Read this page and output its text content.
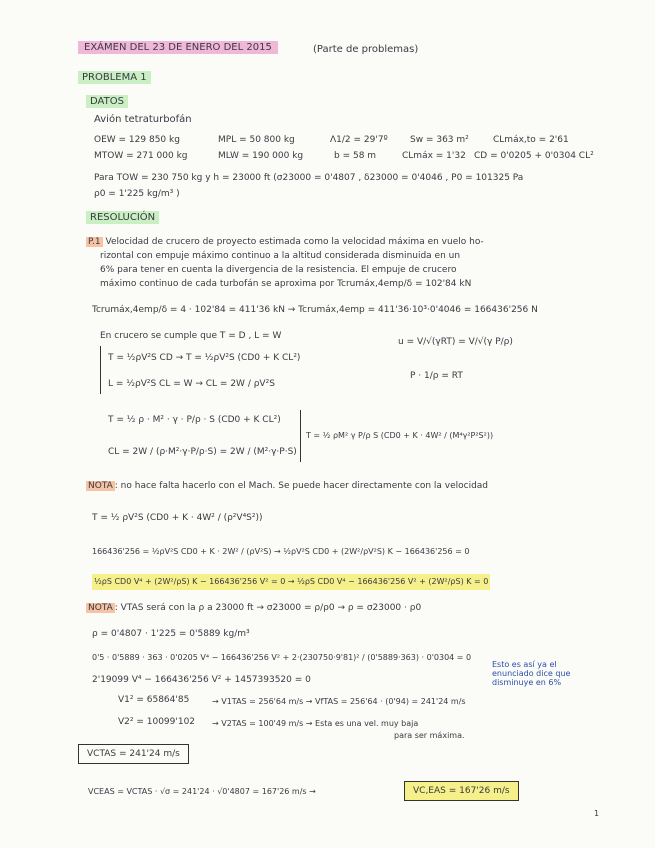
EXÁMEN DEL 23 DE ENERO DEL 2015	(Parte de problemas)
PROBLEMA 1
DATOS
Avión tetraturbofán
OEW = 129 850 kg	MPL = 50 800 kg	Λ1/2 = 29'7º Sw = 363 m²	CLmáx,to = 2'61
MTOW = 271 000 kg	MLW = 190 000 kg	b = 58 m	CLmáx = 1'32 CD = 0'0205 + 0'0304 CL²
Para TOW = 230 750 kg y h = 23000 ft (σ23000 = 0'4807 , δ23000 = 0'4046 , P0 = 101325 Pa
ρ0 = 1'225 kg/m³ )
RESOLUCIÓN
P.1 Velocidad de crucero de proyecto estimada como la velocidad máxima en vuelo ho-
rizontal con empuje máximo continuo a la altitud considerada disminuida en un
6% para tener en cuenta la divergencia de la resistencia. El empuje de crucero
máximo continuo de cada turbofán se aproxima por Tcrumáx,4emp/δ = 102'84 kN
Tcrumáx,4emp/δ = 4 · 102'84 = 411'36 kN → Tcrumáx,4emp = 411'36·10³·0'4046 = 166436'256 N
En crucero se cumple que T = D , L = W
T = ½ρV²S CD → T = ½ρV²S (CD0 + K CL²)
L = ½ρV²S CL = W → CL = 2W / ρV²S
u = V/√(γRT) = V/√(γ P/ρ)
P · 1/ρ = RT
T = ½ ρ · M² · γ · P/ρ · S (CD0 + K CL²)
CL = 2W / (ρ·M²·γ·P/ρ·S) = 2W / (M²·γ·P·S)
T = ½ ρM² γ P/ρ S (CD0 + K · 4W² / (M⁴γ²P²S²))
NOTA : no hace falta hacerlo con el Mach. Se puede hacer directamente con la velocidad
T = ½ ρV²S (CD0 + K · 4W² / (ρ²V⁴S²))
166436'256 = ½ρV²S CD0 + K · 2W² / (ρV²S) → ½ρV²S CD0 + (2W²/ρV²S) K − 166436'256 = 0
½ρS CD0 V⁴ + (2W²/ρS) K − 166436'256 V² = 0 → ½ρS CD0 V⁴ − 166436'256 V² + (2W²/ρS) K = 0
NOTA : VTAS será con la ρ a 23000 ft → σ23000 = ρ/ρ0 → ρ = σ23000 · ρ0
ρ = 0'4807 · 1'225 = 0'5889 kg/m³
0'5 · 0'5889 · 363 · 0'0205 V⁴ − 166436'256 V² + 2·(230750·9'81)² / (0'5889·363) · 0'0304 = 0
Esto es así ya el
enunciado dice que
disminuye en 6%
2'19099 V⁴ − 166436'256 V² + 1457393520 = 0
V1² = 65864'85	→ V1TAS = 256'64 m/s → VfTAS = 256'64 · (0'94) = 241'24 m/s
V2² = 10099'102 → V2TAS = 100'49 m/s → Esta es una vel. muy baja
para ser máxima.
VCTAS = 241'24 m/s
VCEAS = VCTAS · √σ = 241'24 · √0'4807 = 167'26 m/s →	VC,EAS = 167'26 m/s
1
